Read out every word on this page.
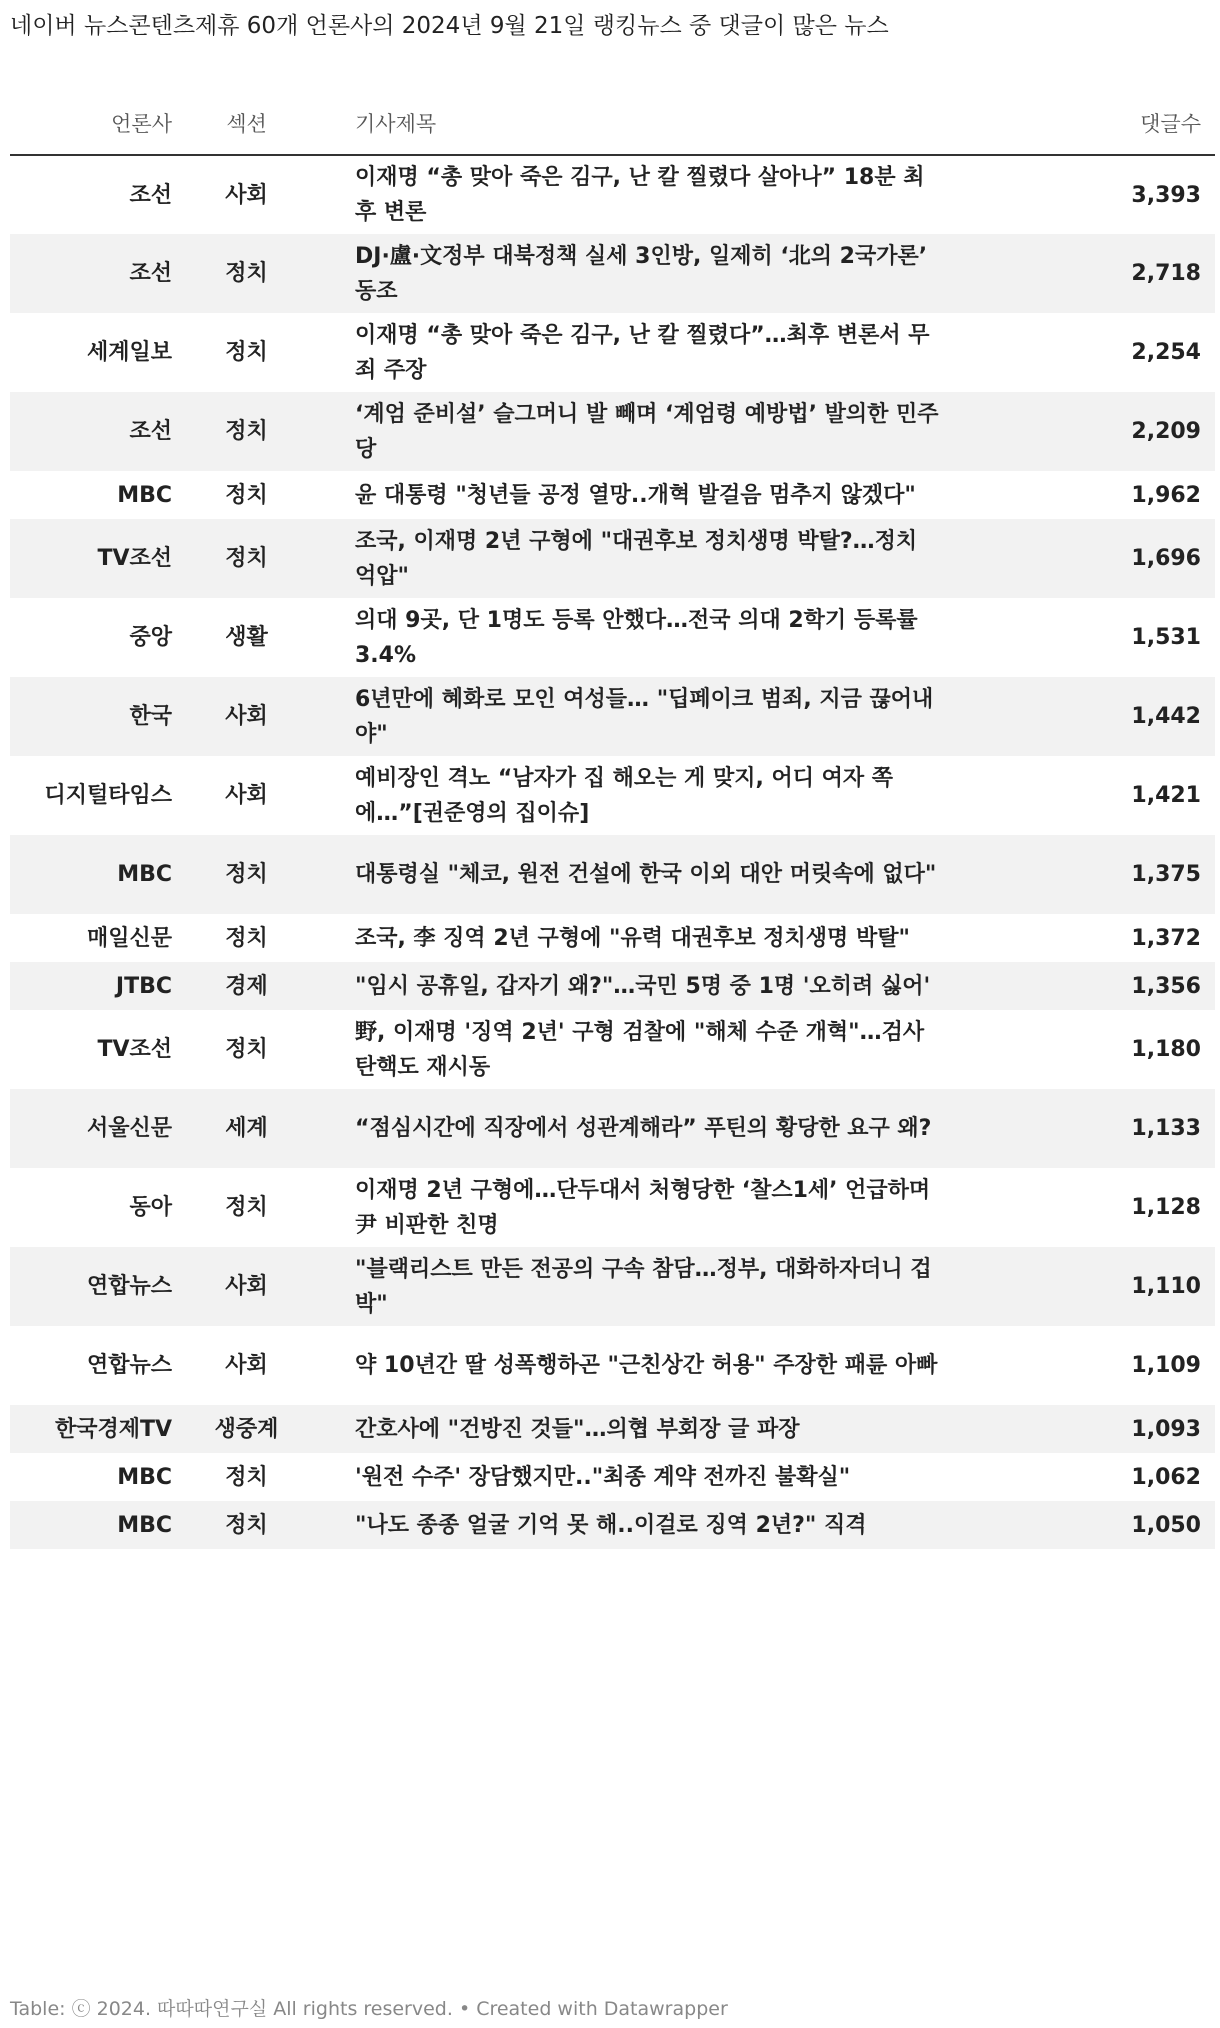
네이버 뉴스콘텐츠제휴 60개 언론사의 2024년 9월 21일 랭킹뉴스 중 댓글이 많은 뉴스
언론사	섹션	기사제목	댓글수
조선	사회	이재명 “총 맞아 죽은 김구, 난 칼 찔렸다 살아나” 18분 최후 변론	3,393
조선	정치	DJ·盧·文정부 대북정책 실세 3인방, 일제히 ‘北의 2국가론’ 동조	2,718
세계일보	정치	이재명 “총 맞아 죽은 김구, 난 칼 찔렸다”…최후 변론서 무죄 주장	2,254
조선	정치	‘계엄 준비설’ 슬그머니 발 빼며 ‘계엄령 예방법’ 발의한 민주당	2,209
MBC	정치	윤 대통령 "청년들 공정 열망..개혁 발걸음 멈추지 않겠다"	1,962
TV조선	정치	조국, 이재명 2년 구형에 "대권후보 정치생명 박탈?…정치 억압"	1,696
중앙	생활	의대 9곳, 단 1명도 등록 안했다…전국 의대 2학기 등록률 3.4%	1,531
한국	사회	6년만에 혜화로 모인 여성들… "딥페이크 범죄, 지금 끊어내야"	1,442
디지털타임스	사회	예비장인 격노 “남자가 집 해오는 게 맞지, 어디 여자 쪽에…”[권준영의 집이슈]	1,421
MBC	정치	대통령실 "체코, 원전 건설에 한국 이외 대안 머릿속에 없다"	1,375
매일신문	정치	조국, 李 징역 2년 구형에 "유력 대권후보 정치생명 박탈"	1,372
JTBC	경제	"임시 공휴일, 갑자기 왜?"…국민 5명 중 1명 '오히려 싫어'	1,356
TV조선	정치	野, 이재명 '징역 2년' 구형 검찰에 "해체 수준 개혁"…검사 탄핵도 재시동	1,180
서울신문	세계	“점심시간에 직장에서 성관계해라” 푸틴의 황당한 요구 왜?	1,133
동아	정치	이재명 2년 구형에…단두대서 처형당한 ‘찰스1세’ 언급하며 尹 비판한 친명	1,128
연합뉴스	사회	"블랙리스트 만든 전공의 구속 참담…정부, 대화하자더니 겁박"	1,110
연합뉴스	사회	약 10년간 딸 성폭행하곤 "근친상간 허용" 주장한 패륜 아빠	1,109
한국경제TV	생중계	간호사에 "건방진 것들"…의협 부회장 글 파장	1,093
MBC	정치	'원전 수주' 장담했지만.."최종 계약 전까진 불확실"	1,062
MBC	정치	"나도 종종 얼굴 기억 못 해..이걸로 징역 2년?" 직격	1,050
Table: ⓒ 2024. 따따따연구실 All rights reserved. • Created with Datawrapper
